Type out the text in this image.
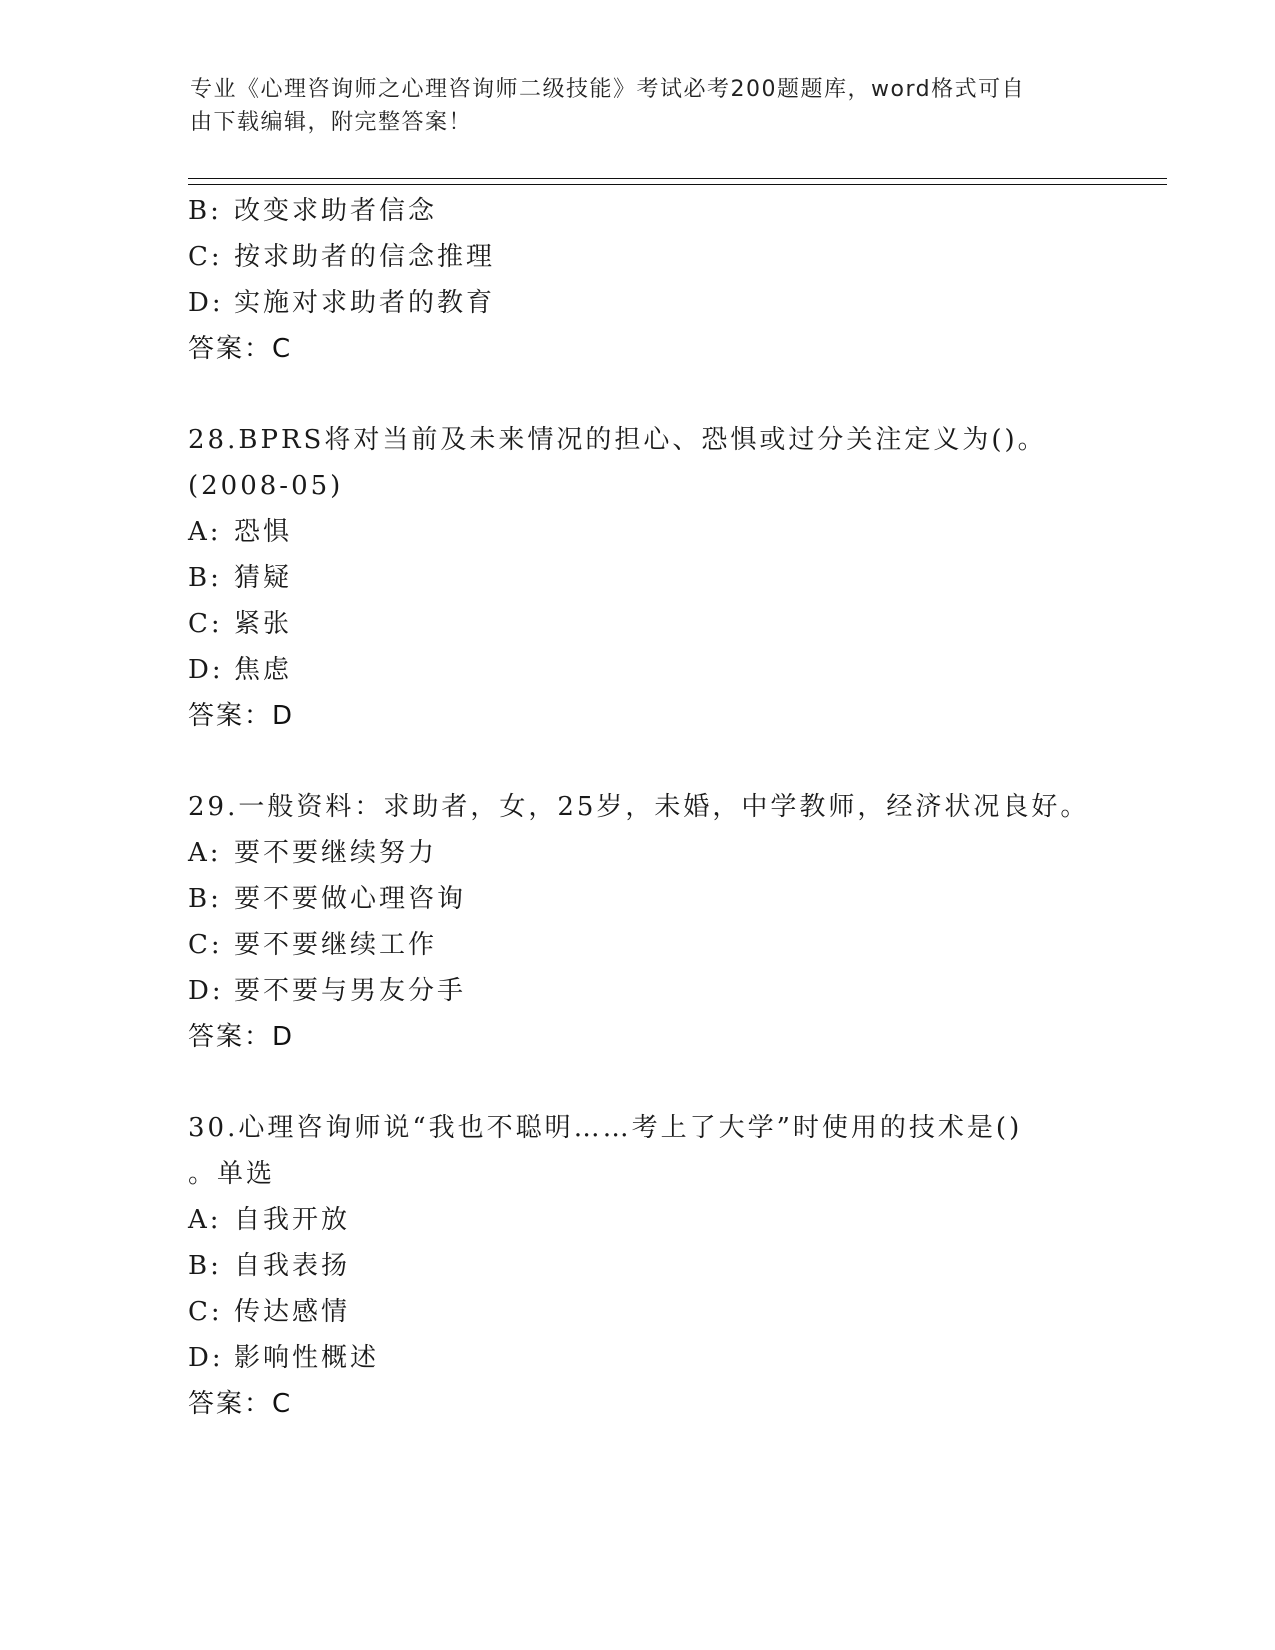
专业《心理咨询师之心理咨询师二级技能》考试必考200题题库，word格式可自
由下载编辑，附完整答案！
B: 改变求助者信念
C: 按求助者的信念推理
D: 实施对求助者的教育
答案：C
28.BPRS将对当前及未来情况的担心、恐惧或过分关注定义为()。
(2008-05)
A: 恐惧
B: 猜疑
C: 紧张
D: 焦虑
答案：D
29.一般资料：求助者，女，25岁，未婚，中学教师，经济状况良好。
A: 要不要继续努力
B: 要不要做心理咨询
C: 要不要继续工作
D: 要不要与男友分手
答案：D
30.心理咨询师说“我也不聪明……考上了大学”时使用的技术是()
。单选
A: 自我开放
B: 自我表扬
C: 传达感情
D: 影响性概述
答案：C
